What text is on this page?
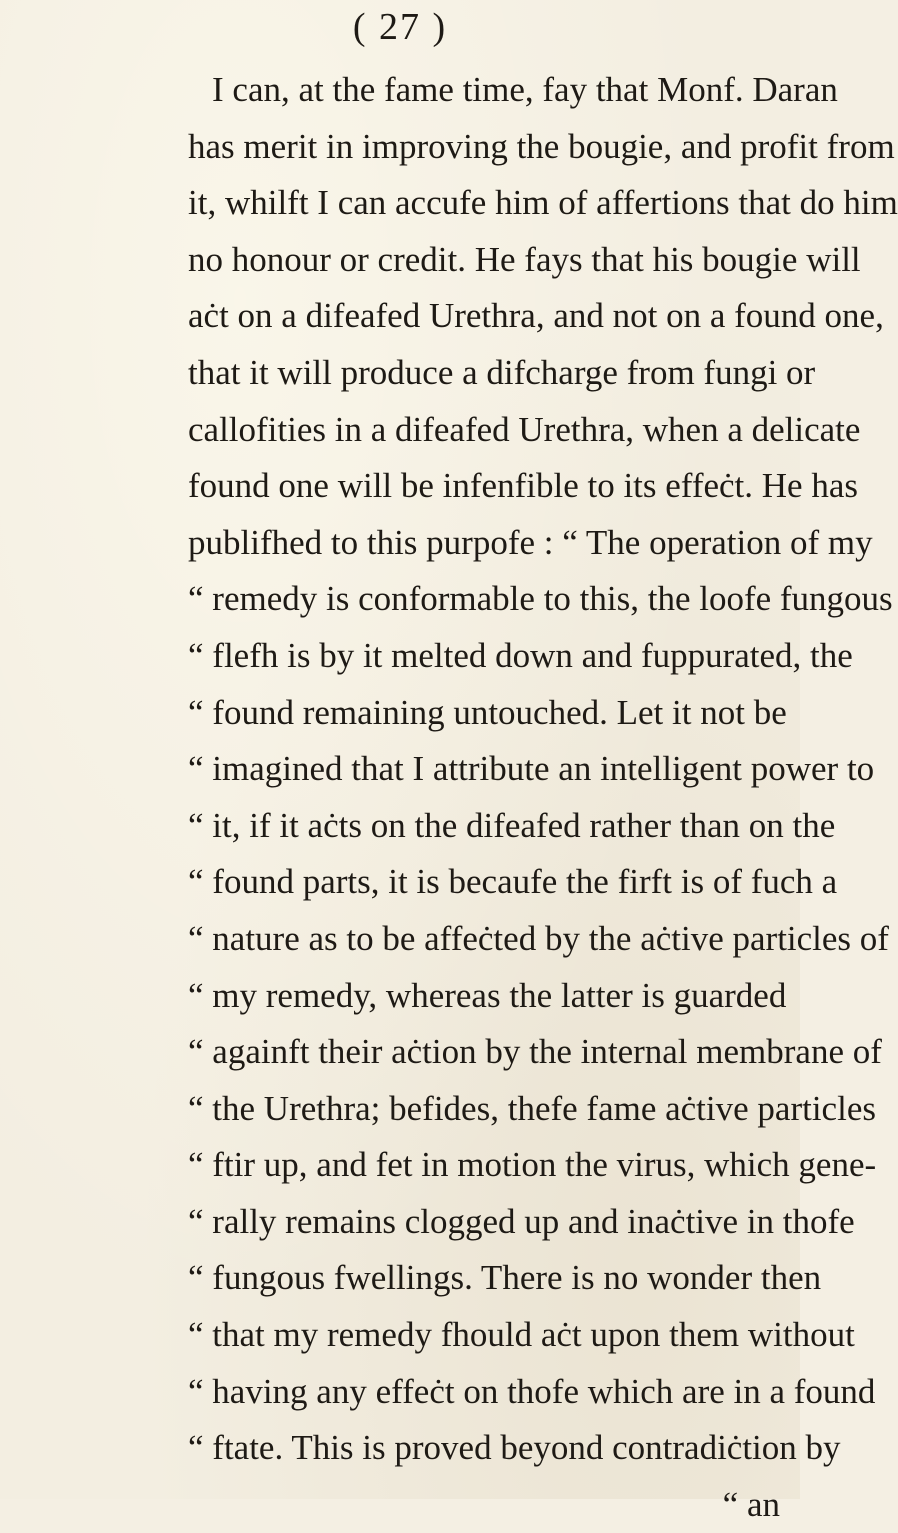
( 27 )
I can, at the fame time, fay that Monf. Daran
has merit in improving the bougie, and profit from
it, whilft I can accufe him of affertions that do him
no honour or credit. He fays that his bougie will
aċt on a difeafed Urethra, and not on a found one,
that it will produce a difcharge from fungi or
callofities in a difeafed Urethra, when a delicate
found one will be infenfible to its effeċt. He has
publifhed to this purpofe : “ The operation of my
“ remedy is conformable to this, the loofe fungous
“ flefh is by it melted down and fuppurated, the
“ found remaining untouched. Let it not be
“ imagined that I attribute an intelligent power to
“ it, if it aċts on the difeafed rather than on the
“ found parts, it is becaufe the firft is of fuch a
“ nature as to be affeċted by the aċtive particles of
“ my remedy, whereas the latter is guarded
“ againft their aċtion by the internal membrane of
“ the Urethra; befides, thefe fame aċtive particles
“ ftir up, and fet in motion the virus, which gene-
“ rally remains clogged up and inaċtive in thofe
“ fungous fwellings. There is no wonder then
“ that my remedy fhould aċt upon them without
“ having any effeċt on thofe which are in a found
“ ftate. This is proved beyond contradiċtion by
“ an
